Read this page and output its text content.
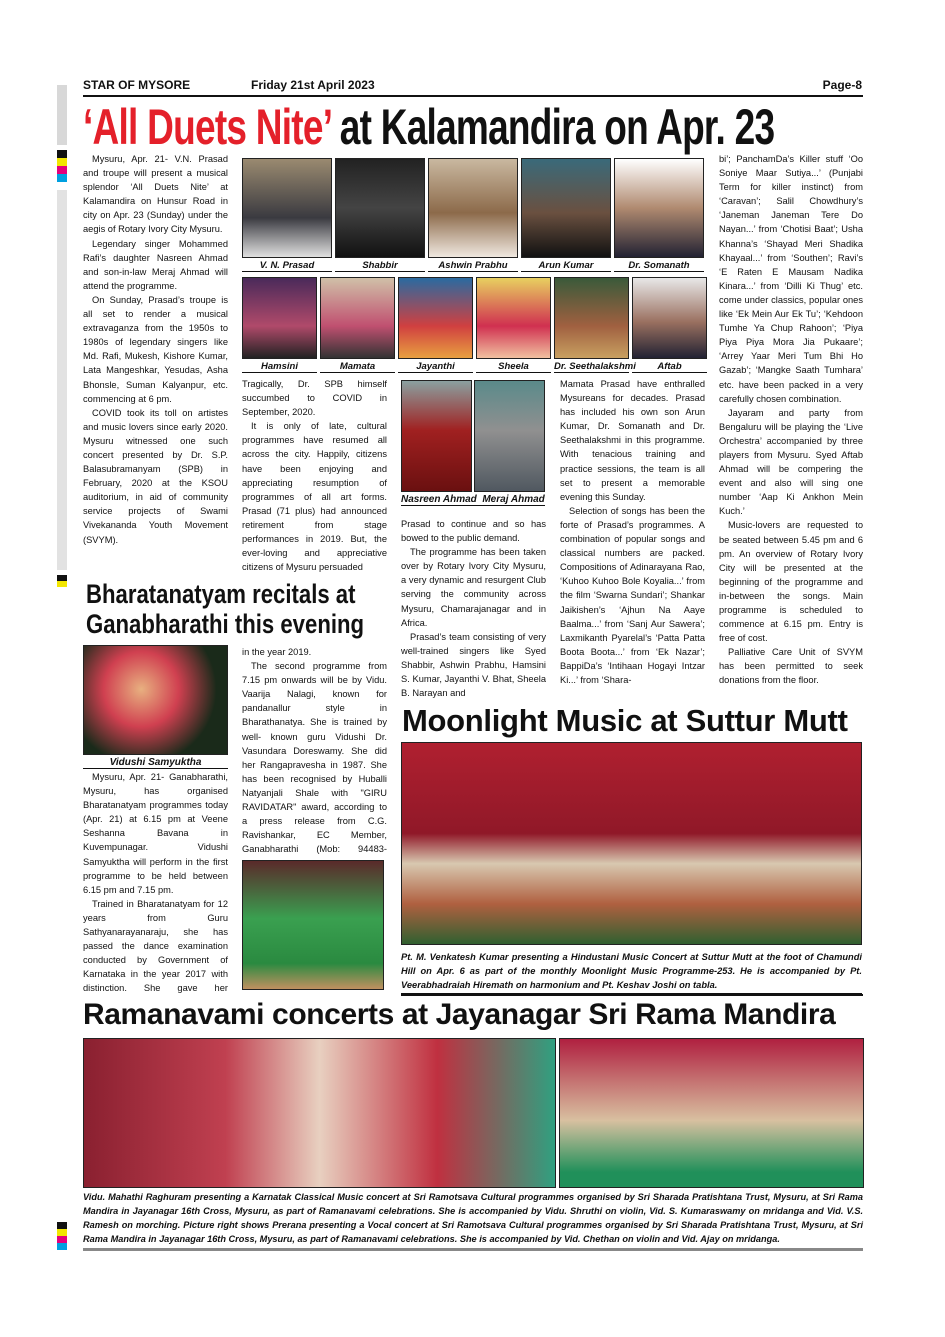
STAR OF MYSORE	Friday 21st April 2023	Page-8
‘All Duets Nite’ at Kalamandira on Apr. 23

Mysuru, Apr. 21- V.N. Prasad and troupe will present a musical splendor ‘All Duets Nite’ at Kalamandira on Hunsur Road in city on Apr. 23 (Sunday) under the aegis of Rotary Ivory City Mysuru.

Legendary singer Mohammed Rafi’s daughter Nasreen Ahmad and son-in-law Meraj Ahmad will attend the programme.

On Sunday, Prasad’s troupe is all set to render a musical extravaganza from the 1950s to 1980s of legendary singers like Md. Rafi, Mukesh, Kishore Kumar, Lata Mangeshkar, Yesudas, Asha Bhonsle, Suman Kalyanpur, etc. commencing at 6 pm.

COVID took its toll on artistes and music lovers since early 2020. Mysuru witnessed one such concert presented by Dr. S.P. Balasubramanyam (SPB) in February, 2020 at the KSOU auditorium, in aid of community service projects of Swami Vivekananda Youth Movement (SVYM).

V. N. Prasad	Shabbir	Ashwin Prabhu	Arun Kumar	Dr. Somanath
Hamsini	Mamata	Jayanthi	Sheela	Dr. Seethalakshmi	Aftab

Tragically, Dr. SPB himself succumbed to COVID in September, 2020.

It is only of late, cultural programmes have resumed all across the city. Happily, citizens have been enjoying and appreciating resumption of programmes of all art forms. Prasad (71 plus) had announced retirement from stage performances in 2019. But, the ever-loving and appreciative citizens of Mysuru persuaded

Nasreen Ahmad Meraj Ahmad

Prasad to continue and so has bowed to the public demand.

The programme has been taken over by Rotary Ivory City Mysuru, a very dynamic and resurgent Club serving the community across Mysuru, Chamarajanagar and in Africa.

Prasad’s team consisting of very well-trained singers like Syed Shabbir, Ashwin Prabhu, Hamsini S. Kumar, Jayanthi V. Bhat, Sheela B. Narayan and

Mamata Prasad have enthralled Mysureans for decades. Prasad has included his own son Arun Kumar, Dr. Somanath and Dr. Seethalakshmi in this programme. With tenacious training and practice sessions, the team is all set to present a memorable evening this Sunday.

Selection of songs has been the forte of Prasad’s programmes. A combination of popular songs and classical numbers are packed. Compositions of Adinarayana Rao, ‘Kuhoo Kuhoo Bole Koyalia...’ from the film ‘Swarna Sundari’; Shankar Jaikishen’s ‘Ajhun Na Aaye Baalma...’ from ‘Sanj Aur Sawera’; Laxmikanth Pyarelal’s ‘Patta Patta Boota Boota...’ from ‘Ek Nazar’; BappiDa’s ‘Intihaan Hogayi Intzar Ki...’ from ‘Shara-

bi’; PanchamDa’s Killer stuff ‘Oo Soniye Maar Sutiya...’ (Punjabi Term for killer instinct) from ‘Caravan’; Salil Chowdhury’s ‘Janeman Janeman Tere Do Nayan...’ from ‘Chotisi Baat’; Usha Khanna’s ‘Shayad Meri Shadika Khayaal...’ from ‘Southen’; Ravi’s ‘E Raten E Mausam Nadika Kinara...’ from ‘Dilli Ki Thug’ etc. come under classics, popular ones like ‘Ek Mein Aur Ek Tu’; ‘Kehdoon Tumhe Ya Chup Rahoon’; ‘Piya Piya Piya Mora Jia Pukaare’; ‘Arrey Yaar Meri Tum Bhi Ho Gazab’; ‘Mangke Saath Tumhara’ etc. have been packed in a very carefully chosen combination.

Jayaram and party from Bengaluru will be playing the ‘Live Orchestra’ accompanied by three players from Mysuru. Syed Aftab Ahmad will be compering the event and also will sing one number ‘Aap Ki Ankhon Mein Kuch.’

Music-lovers are requested to be seated between 5.45 pm and 6 pm. An overview of Rotary Ivory City will be presented at the beginning of the programme and in-between the songs. Main programme is scheduled to commence at 6.15 pm. Entry is free of cost.

Palliative Care Unit of SVYM has been permitted to seek donations from the floor.

Bharatanatyam recitals at
Ganabharathi this evening
Vidushi Samyuktha

Mysuru, Apr. 21- Ganabharathi, Mysuru, has organised Bharatanatyam programmes today (Apr. 21) at 6.15 pm at Veene Seshanna Bavana in Kuvempunagar. Vidushi Samyuktha will perform in the first programme to be held between 6.15 pm and 7.15 pm.

Trained in Bharatanatyam for 12 years from Guru Sathyanarayanaraju, she has passed the dance examination conducted by Government of Karnataka in the year 2017 with distinction. She gave her

in the year 2019.

The second programme from 7.15 pm onwards will be by Vidu. Vaarija Nalagi, known for pandanallur style in Bharathanatya. She is trained by well- known guru Vidushi Dr. Vasundara Doreswamy. She did her Rangapravesha in 1987. She has been recognised by Huballi Natyanjali Shale with "GIRU RAVIDATAR" award, according to a press release from C.G. Ravishankar, EC Member, Ganabharathi (Mob: 94483-

Moonlight Music at Suttur Mutt
Pt. M. Venkatesh Kumar presenting a Hindustani Music Concert at Suttur Mutt at the foot of Chamundi Hill on Apr. 6 as part of the monthly Moonlight Music Programme-253. He is accompanied by Pt. Veerabhadraiah Hiremath on harmonium and Pt. Keshav Joshi on tabla.
Ramanavami concerts at Jayanagar Sri Rama Mandira
Vidu. Mahathi Raghuram presenting a Karnatak Classical Music concert at Sri Ramotsava Cultural programmes organised by Sri Sharada Pratishtana Trust, Mysuru, at Sri Rama Mandira in Jayanagar 16th Cross, Mysuru, as part of Ramanavami celebrations. She is accompanied by Vidu. Shruthi on violin, Vid. S. Kumaraswamy on mridanga and Vid. V.S. Ramesh on morching. Picture right shows Prerana presenting a Vocal concert at Sri Ramotsava Cultural programmes organised by Sri Sharada Pratishtana Trust, Mysuru, at Sri Rama Mandira in Jayanagar 16th Cross, Mysuru, as part of Ramanavami celebrations. She is accompanied by Vid. Chethan on violin and Vid. Ajay on mridanga.
